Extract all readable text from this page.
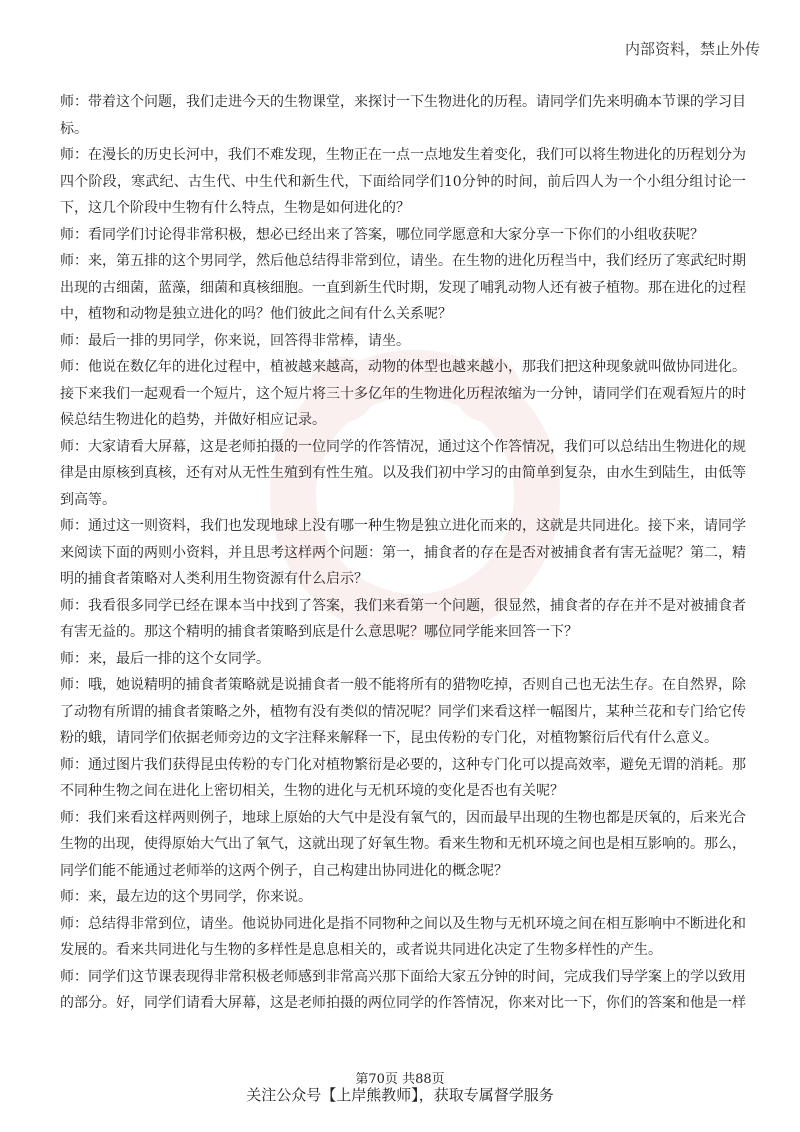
内部资料，禁止外传

师：带着这个问题，我们走进今天的生物课堂，来探讨一下生物进化的历程。请同学们先来明确本节课的学习目标。

师：在漫长的历史长河中，我们不难发现，生物正在一点一点地发生着变化，我们可以将生物进化的历程划分为四个阶段，寒武纪、古生代、中生代和新生代，下面给同学们10分钟的时间，前后四人为一个小组分组讨论一下，这几个阶段中生物有什么特点，生物是如何进化的？

师：看同学们讨论得非常积极，想必已经出来了答案，哪位同学愿意和大家分享一下你们的小组收获呢？

师：来，第五排的这个男同学，然后他总结得非常到位，请坐。在生物的进化历程当中，我们经历了寒武纪时期出现的古细菌，蓝藻，细菌和真核细胞。一直到新生代时期，发现了哺乳动物人还有被子植物。那在进化的过程中，植物和动物是独立进化的吗？他们彼此之间有什么关系呢？

师：最后一排的男同学，你来说，回答得非常棒，请坐。

师：他说在数亿年的进化过程中，植被越来越高，动物的体型也越来越小，那我们把这种现象就叫做协同进化。接下来我们一起观看一个短片，这个短片将三十多亿年的生物进化历程浓缩为一分钟，请同学们在观看短片的时候总结生物进化的趋势，并做好相应记录。

师：大家请看大屏幕，这是老师拍摄的一位同学的作答情况，通过这个作答情况，我们可以总结出生物进化的规律是由原核到真核，还有对从无性生殖到有性生殖。以及我们初中学习的由简单到复杂，由水生到陆生，由低等到高等。

师：通过这一则资料，我们也发现地球上没有哪一种生物是独立进化而来的，这就是共同进化。接下来，请同学来阅读下面的两则小资料，并且思考这样两个问题：第一，捕食者的存在是否对被捕食者有害无益呢？第二，精明的捕食者策略对人类利用生物资源有什么启示？

师：我看很多同学已经在课本当中找到了答案，我们来看第一个问题，很显然，捕食者的存在并不是对被捕食者有害无益的。那这个精明的捕食者策略到底是什么意思呢？哪位同学能来回答一下？

师：来，最后一排的这个女同学。

师：哦，她说精明的捕食者策略就是说捕食者一般不能将所有的猎物吃掉，否则自己也无法生存。在自然界，除了动物有所谓的捕食者策略之外，植物有没有类似的情况呢？同学们来看这样一幅图片，某种兰花和专门给它传粉的蛾，请同学们依据老师旁边的文字注释来解释一下，昆虫传粉的专门化，对植物繁衍后代有什么意义。

师：通过图片我们获得昆虫传粉的专门化对植物繁衍是必要的，这种专门化可以提高效率，避免无谓的消耗。那不同种生物之间在进化上密切相关，生物的进化与无机环境的变化是否也有关呢？

师：我们来看这样两则例子，地球上原始的大气中是没有氧气的，因而最早出现的生物也都是厌氧的，后来光合生物的出现，使得原始大气出了氧气，这就出现了好氧生物。看来生物和无机环境之间也是相互影响的。那么，同学们能不能通过老师举的这两个例子，自己构建出协同进化的概念呢？

师：来，最左边的这个男同学，你来说。

师：总结得非常到位，请坐。他说协同进化是指不同物种之间以及生物与无机环境之间在相互影响中不断进化和发展的。看来共同进化与生物的多样性是息息相关的，或者说共同进化决定了生物多样性的产生。

师：同学们这节课表现得非常积极老师感到非常高兴那下面给大家五分钟的时间，完成我们导学案上的学以致用的部分。好，同学们请看大屏幕，这是老师拍摄的两位同学的作答情况，你来对比一下，你们的答案和他是一样

第70页 共88页
关注公众号【上岸熊教师】，获取专属督学服务
